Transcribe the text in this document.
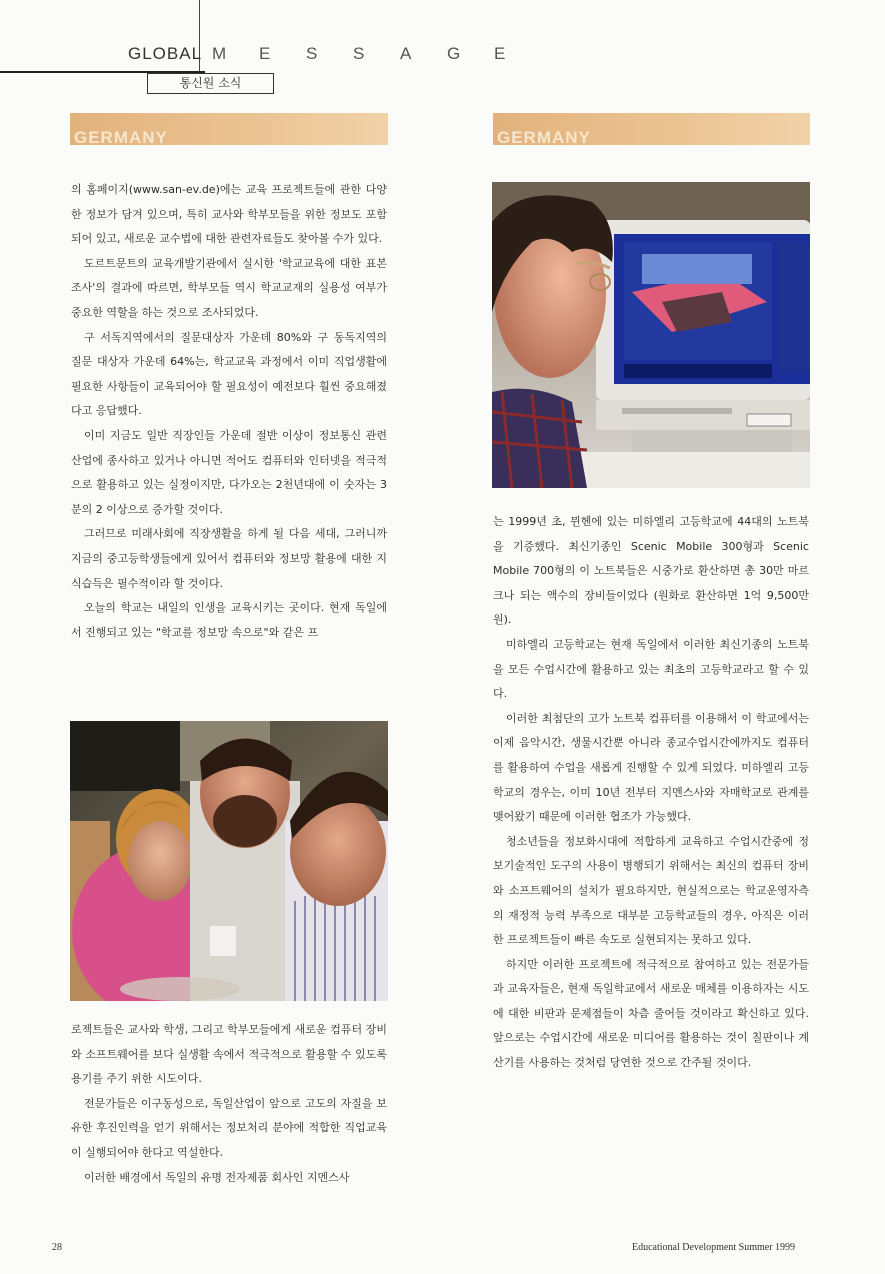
GLOBAL M E S S A G E
통신원 소식
GERMANY	GERMANY

의 홈페이지(www.san-ev.de)에는 교육 프로젝트들에 관한 다양한 정보가 담겨 있으며, 특히 교사와 학부모들을 위한 정보도 포함되어 있고, 새로운 교수법에 대한 관련자료들도 찾아볼 수가 있다.

도르트문트의 교육개발기관에서 실시한 '학교교육에 대한 표본조사'의 결과에 따르면, 학부모들 역시 학교교재의 실용성 여부가 중요한 역할을 하는 것으로 조사되었다.

구 서독지역에서의 질문대상자 가운데 80%와 구 동독지역의 질문 대상자 가운데 64%는, 학교교육 과정에서 이미 직업생활에 필요한 사항들이 교육되어야 할 필요성이 예전보다 훨씬 중요해졌다고 응답했다.

이미 지금도 일반 직장인들 가운데 절반 이상이 정보통신 관련산업에 종사하고 있거나 아니면 적어도 컴퓨터와 인터넷을 적극적으로 활용하고 있는 실정이지만, 다가오는 2천년대에 이 숫자는 3분의 2 이상으로 증가할 것이다.

그러므로 미래사회에 직장생활을 하게 될 다음 세대, 그러니까 지금의 중고등학생들에게 있어서 컴퓨터와 정보망 활용에 대한 지식습득은 필수적이라 할 것이다.

오늘의 학교는 내일의 인생을 교육시키는 곳이다. 현재 독일에서 진행되고 있는 "학교를 정보망 속으로"와 같은 프

로젝트들은 교사와 학생, 그리고 학부모들에게 새로운 컴퓨터 장비와 소프트웨어를 보다 실생활 속에서 적극적으로 활용할 수 있도록 용기를 주기 위한 시도이다.

전문가들은 이구동성으로, 독일산업이 앞으로 고도의 자질을 보유한 후진인력을 얻기 위해서는 정보처리 분야에 적합한 직업교육이 실행되어야 한다고 역설한다.

이러한 배경에서 독일의 유명 전자제품 회사인 지멘스사

는 1999년 초, 뮌헨에 있는 미하엘리 고등학교에 44대의 노트북을 기증했다. 최신기종인 Scenic Mobile 300형과 Scenic Mobile 700형의 이 노트북들은 시중가로 환산하면 총 30만 마르크나 되는 액수의 장비들이었다 (원화로 환산하면 1억 9,500만원).

미하엘리 고등학교는 현재 독일에서 이러한 최신기종의 노트북을 모든 수업시간에 활용하고 있는 최초의 고등학교라고 할 수 있다.

이러한 최첨단의 고가 노트북 컴퓨터를 이용해서 이 학교에서는 이제 음악시간, 생물시간뿐 아니라 종교수업시간에까지도 컴퓨터를 활용하여 수업을 새롭게 진행할 수 있게 되었다. 미하엘리 고등학교의 경우는, 이미 10년 전부터 지멘스사와 자매학교로 관계를 맺어왔기 때문에 이러한 협조가 가능했다.

청소년들을 정보화시대에 적합하게 교육하고 수업시간중에 정보기술적인 도구의 사용이 병행되기 위해서는 최신의 컴퓨터 장비와 소프트웨어의 설치가 필요하지만, 현실적으로는 학교운영자측의 재정적 능력 부족으로 대부분 고등학교들의 경우, 아직은 이러한 프로젝트들이 빠른 속도로 실현되지는 못하고 있다.

하지만 이러한 프로젝트에 적극적으로 참여하고 있는 전문가들과 교육자들은, 현재 독일학교에서 새로운 매체를 이용하자는 시도에 대한 비판과 문제점들이 차츰 줄어들 것이라고 확신하고 있다. 앞으로는 수업시간에 새로운 미디어를 활용하는 것이 칠판이나 계산기를 사용하는 것처럼 당연한 것으로 간주될 것이다.

28	Educational Development Summer 1999
